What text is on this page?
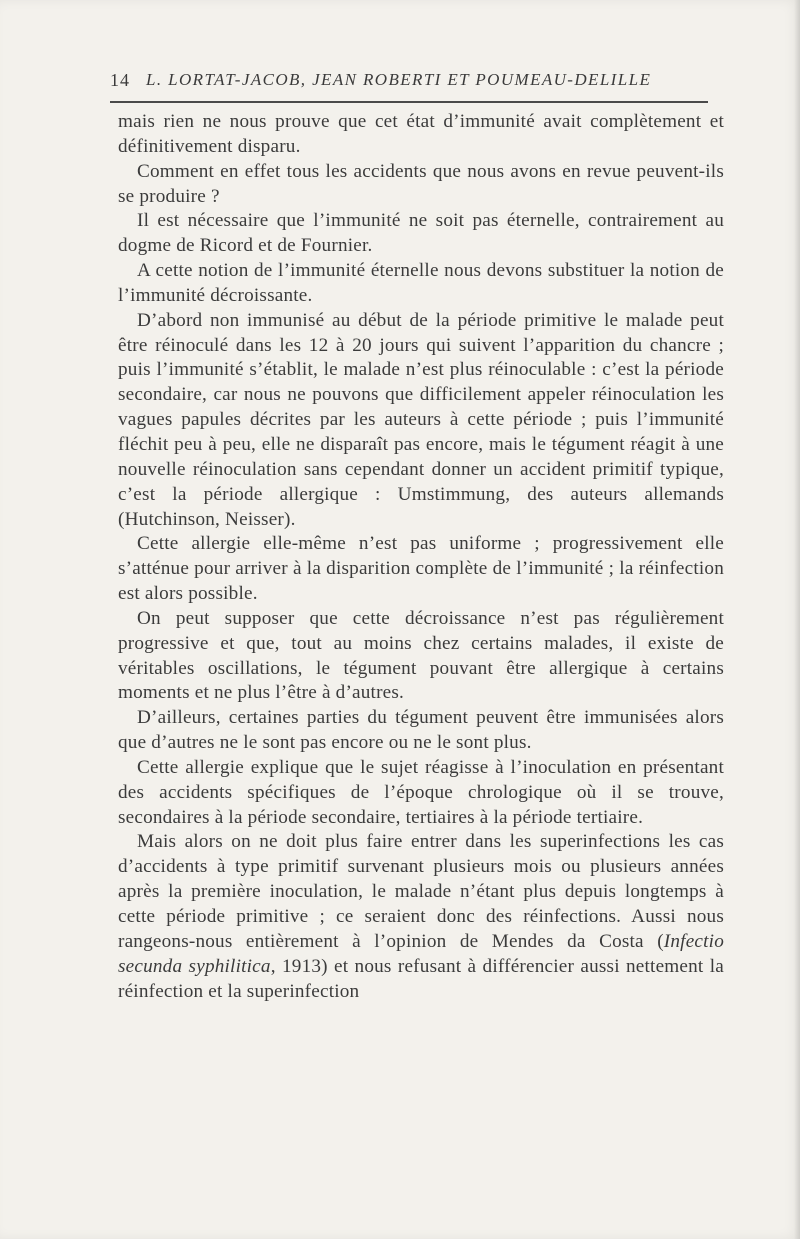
14 L. LORTAT-JACOB, JEAN ROBERTI ET POUMEAU-DELILLE

mais rien ne nous prouve que cet état d’immunité avait complètement et définitivement disparu.

Comment en effet tous les accidents que nous avons en revue peuvent-ils se produire ?

Il est nécessaire que l’immunité ne soit pas éternelle, contrairement au dogme de Ricord et de Fournier.

A cette notion de l’immunité éternelle nous devons substituer la notion de l’immunité décroissante.

D’abord non immunisé au début de la période primitive le malade peut être réinoculé dans les 12 à 20 jours qui suivent l’apparition du chancre ; puis l’immunité s’établit, le malade n’est plus réinoculable : c’est la période secondaire, car nous ne pouvons que difficilement appeler réinoculation les vagues papules décrites par les auteurs à cette période ; puis l’immunité fléchit peu à peu, elle ne disparaît pas encore, mais le tégument réagit à une nouvelle réinoculation sans cependant donner un accident primitif typique, c’est la période allergique : Umstimmung, des auteurs allemands (Hutchinson, Neisser).

Cette allergie elle-même n’est pas uniforme ; progressivement elle s’atténue pour arriver à la disparition complète de l’immunité ; la réinfection est alors possible.

On peut supposer que cette décroissance n’est pas régulièrement progressive et que, tout au moins chez certains malades, il existe de véritables oscillations, le tégument pouvant être allergique à certains moments et ne plus l’être à d’autres.

D’ailleurs, certaines parties du tégument peuvent être immunisées alors que d’autres ne le sont pas encore ou ne le sont plus.

Cette allergie explique que le sujet réagisse à l’inoculation en présentant des accidents spécifiques de l’époque chrologique où il se trouve, secondaires à la période secondaire, tertiaires à la période tertiaire.

Mais alors on ne doit plus faire entrer dans les superinfections les cas d’accidents à type primitif survenant plusieurs mois ou plusieurs années après la première inoculation, le malade n’étant plus depuis longtemps à cette période primitive ; ce seraient donc des réinfections. Aussi nous rangeons-nous entièrement à l’opinion de Mendes da Costa (Infectio secunda syphilitica, 1913) et nous refusant à différencier aussi nettement la réinfection et la superinfection
